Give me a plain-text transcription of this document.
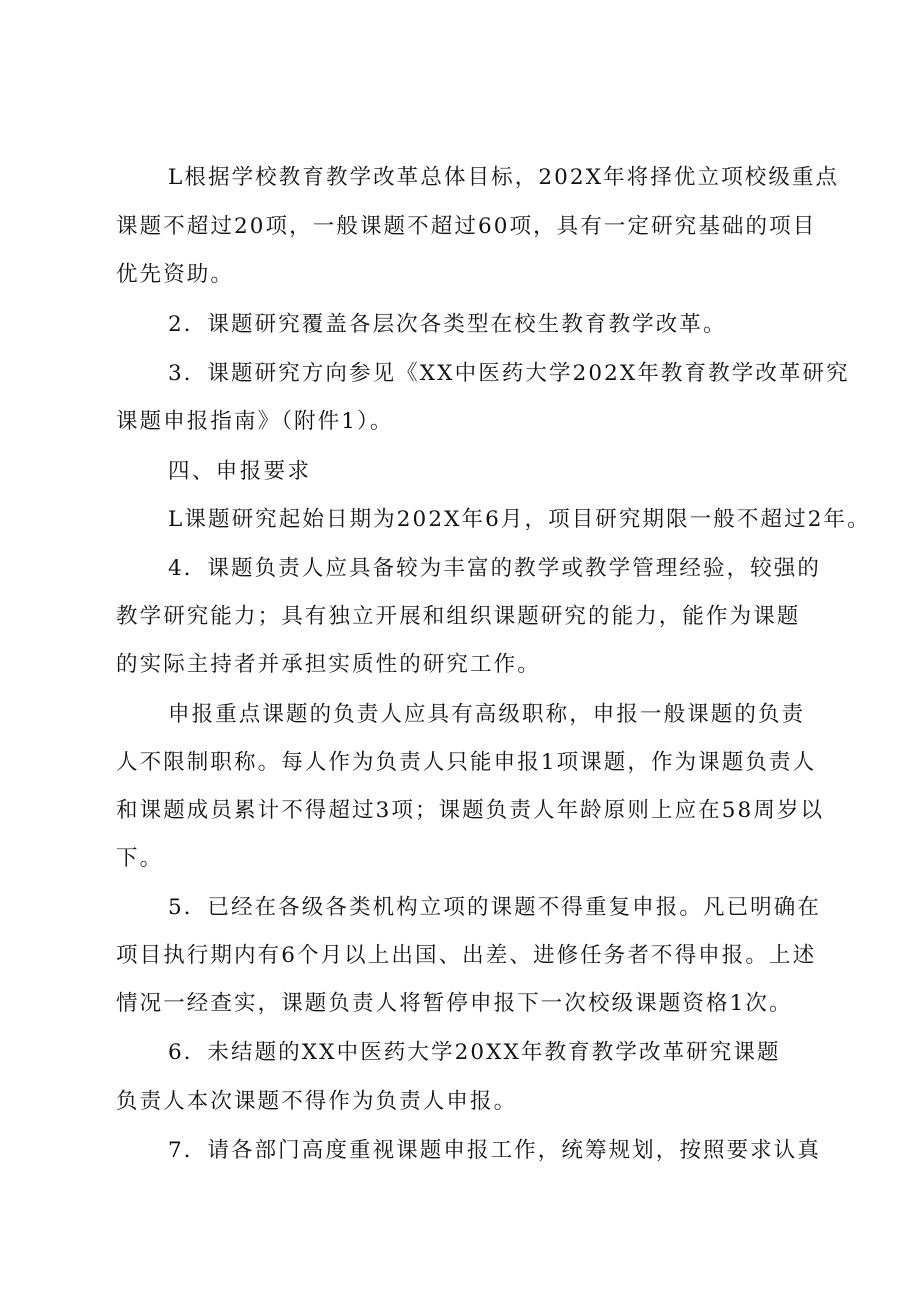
L根据学校教育教学改革总体目标，202X年将择优立项校级重点
课题不超过20项，一般课题不超过60项，具有一定研究基础的项目
优先资助。
2．课题研究覆盖各层次各类型在校生教育教学改革。
3．课题研究方向参见《XX中医药大学202X年教育教学改革研究
课题申报指南》（附件1）。
四、申报要求
L课题研究起始日期为202X年6月，项目研究期限一般不超过2年。
4．课题负责人应具备较为丰富的教学或教学管理经验，较强的
教学研究能力；具有独立开展和组织课题研究的能力，能作为课题
的实际主持者并承担实质性的研究工作。
申报重点课题的负责人应具有高级职称，申报一般课题的负责
人不限制职称。每人作为负责人只能申报1项课题，作为课题负责人
和课题成员累计不得超过3项；课题负责人年龄原则上应在58周岁以
下。
5．已经在各级各类机构立项的课题不得重复申报。凡已明确在
项目执行期内有6个月以上出国、出差、进修任务者不得申报。上述
情况一经查实，课题负责人将暂停申报下一次校级课题资格1次。
6．未结题的XX中医药大学20XX年教育教学改革研究课题
负责人本次课题不得作为负责人申报。
7．请各部门高度重视课题申报工作，统筹规划，按照要求认真
